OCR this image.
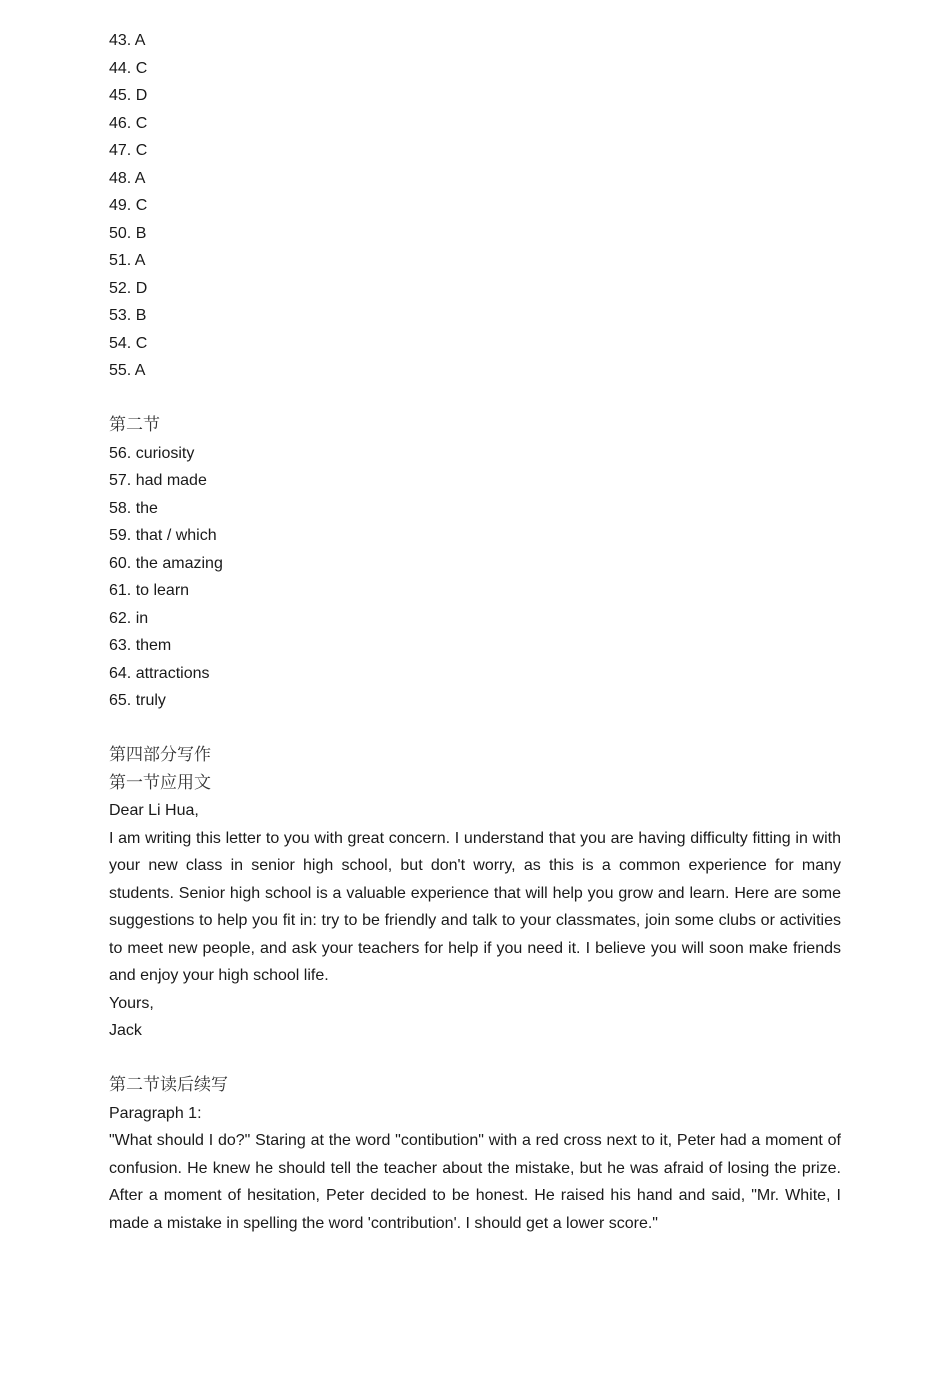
43. A
44. C
45. D
46. C
47. C
48. A
49. C
50. B
51. A
52. D
53. B
54. C
55. A
第二节
56. curiosity
57. had made
58. the
59. that / which
60. the amazing
61. to learn
62. in
63. them
64. attractions
65. truly
第四部分写作
第一节应用文
Dear Li Hua,
I am writing this letter to you with great concern. I understand that you are having difficulty fitting in with your new class in senior high school, but don't worry, as this is a common experience for many students. Senior high school is a valuable experience that will help you grow and learn. Here are some suggestions to help you fit in: try to be friendly and talk to your classmates, join some clubs or activities to meet new people, and ask your teachers for help if you need it. I believe you will soon make friends and enjoy your high school life.
Yours,
Jack
第二节读后续写
Paragraph 1:
"What should I do?" Staring at the word "contibution" with a red cross next to it, Peter had a moment of confusion. He knew he should tell the teacher about the mistake, but he was afraid of losing the prize. After a moment of hesitation, Peter decided to be honest. He raised his hand and said, "Mr. White, I made a mistake in spelling the word 'contribution'. I should get a lower score."
